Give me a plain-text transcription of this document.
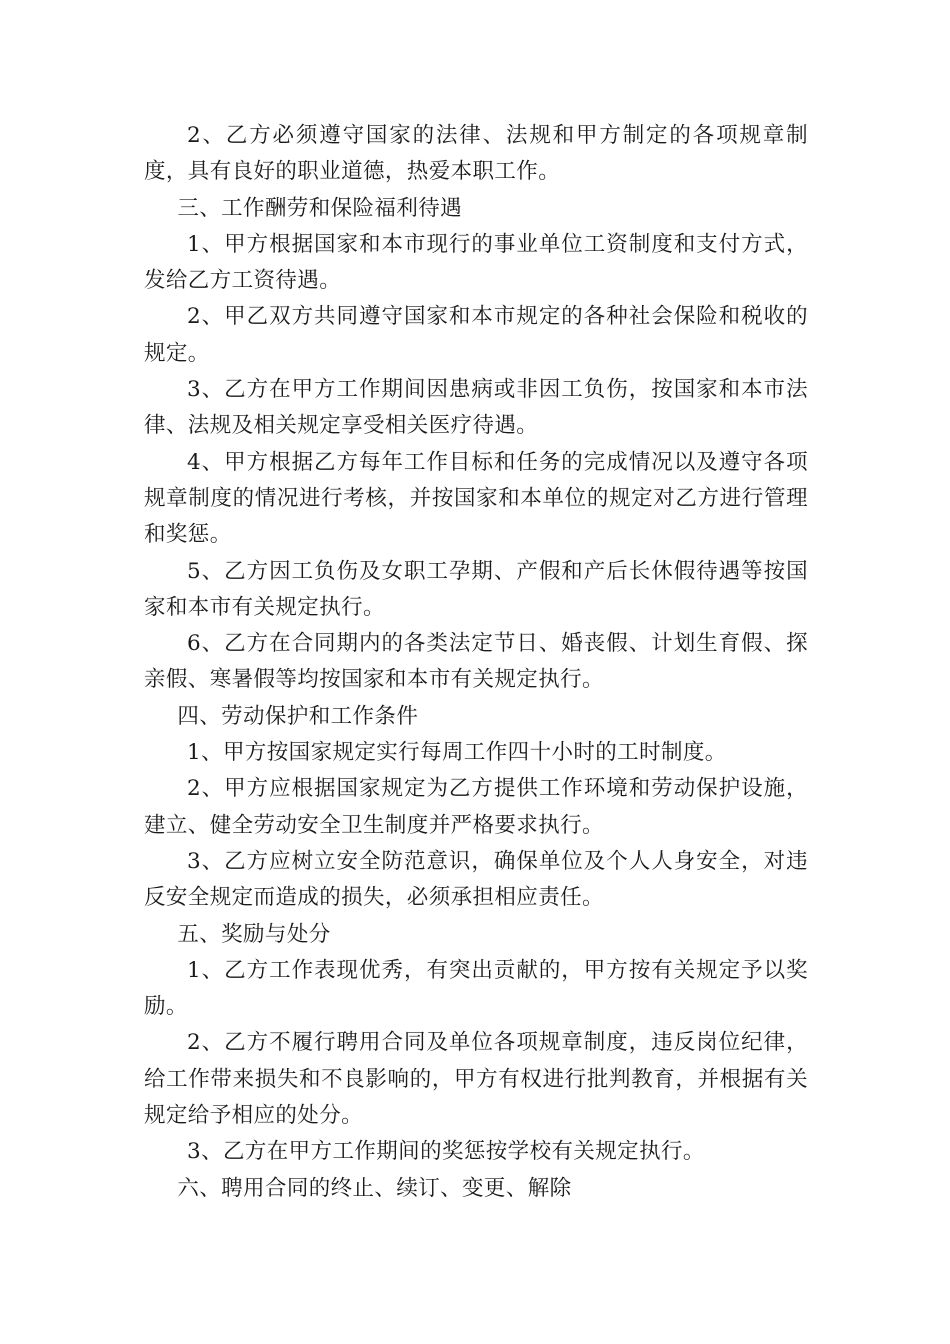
2、乙方必须遵守国家的法律、法规和甲方制定的各项规章制度，具有良好的职业道德，热爱本职工作。

三、工作酬劳和保险福利待遇

1、甲方根据国家和本市现行的事业单位工资制度和支付方式，发给乙方工资待遇。

2、甲乙双方共同遵守国家和本市规定的各种社会保险和税收的规定。

3、乙方在甲方工作期间因患病或非因工负伤，按国家和本市法律、法规及相关规定享受相关医疗待遇。

4、甲方根据乙方每年工作目标和任务的完成情况以及遵守各项规章制度的情况进行考核，并按国家和本单位的规定对乙方进行管理和奖惩。

5、乙方因工负伤及女职工孕期、产假和产后长休假待遇等按国家和本市有关规定执行。

6、乙方在合同期内的各类法定节日、婚丧假、计划生育假、探亲假、寒暑假等均按国家和本市有关规定执行。

四、劳动保护和工作条件

1、甲方按国家规定实行每周工作四十小时的工时制度。

2、甲方应根据国家规定为乙方提供工作环境和劳动保护设施，建立、健全劳动安全卫生制度并严格要求执行。

3、乙方应树立安全防范意识，确保单位及个人人身安全，对违反安全规定而造成的损失，必须承担相应责任。

五、奖励与处分

1、乙方工作表现优秀，有突出贡献的，甲方按有关规定予以奖励。

2、乙方不履行聘用合同及单位各项规章制度，违反岗位纪律，给工作带来损失和不良影响的，甲方有权进行批判教育，并根据有关规定给予相应的处分。

3、乙方在甲方工作期间的奖惩按学校有关规定执行。

六、聘用合同的终止、续订、变更、解除
